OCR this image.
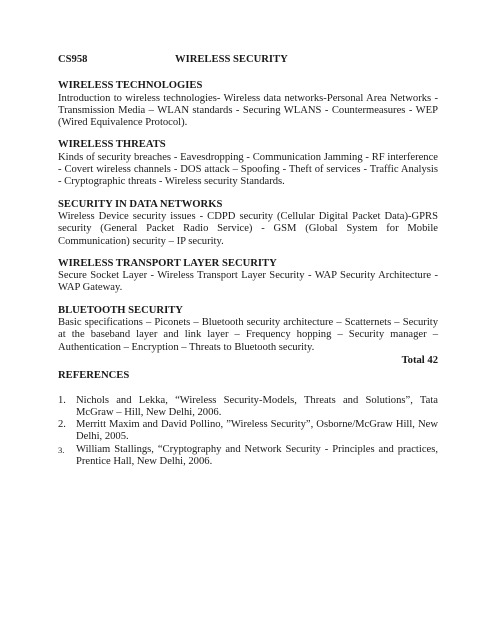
CS958	WIRELESS SECURITY
WIRELESS TECHNOLOGIES
Introduction to wireless technologies- Wireless data networks-Personal Area Networks - Transmission Media – WLAN standards - Securing WLANS - Countermeasures - WEP (Wired Equivalence Protocol).
WIRELESS THREATS
Kinds of security breaches - Eavesdropping - Communication Jamming - RF interference - Covert wireless channels - DOS attack – Spoofing - Theft of services - Traffic Analysis - Cryptographic threats - Wireless security Standards.
SECURITY IN DATA NETWORKS
Wireless Device security issues - CDPD security (Cellular Digital Packet Data)-GPRS security (General Packet Radio Service) - GSM (Global System for Mobile Communication) security – IP security.
WIRELESS TRANSPORT LAYER SECURITY
Secure Socket Layer - Wireless Transport Layer Security - WAP Security Architecture - WAP Gateway.
BLUETOOTH SECURITY
Basic specifications – Piconets – Bluetooth security architecture – Scatternets – Security at the baseband layer and link layer – Frequency hopping – Security manager – Authentication – Encryption – Threats to Bluetooth security.
Total 42
REFERENCES
1. Nichols and Lekka, “Wireless Security-Models, Threats and Solutions”, Tata McGraw – Hill, New Delhi, 2006.
2. Merritt Maxim and David Pollino, ”Wireless Security”, Osborne/McGraw Hill, New Delhi, 2005.
3.	William Stallings, “Cryptography and Network Security - Principles and practices, Prentice Hall, New Delhi, 2006.
